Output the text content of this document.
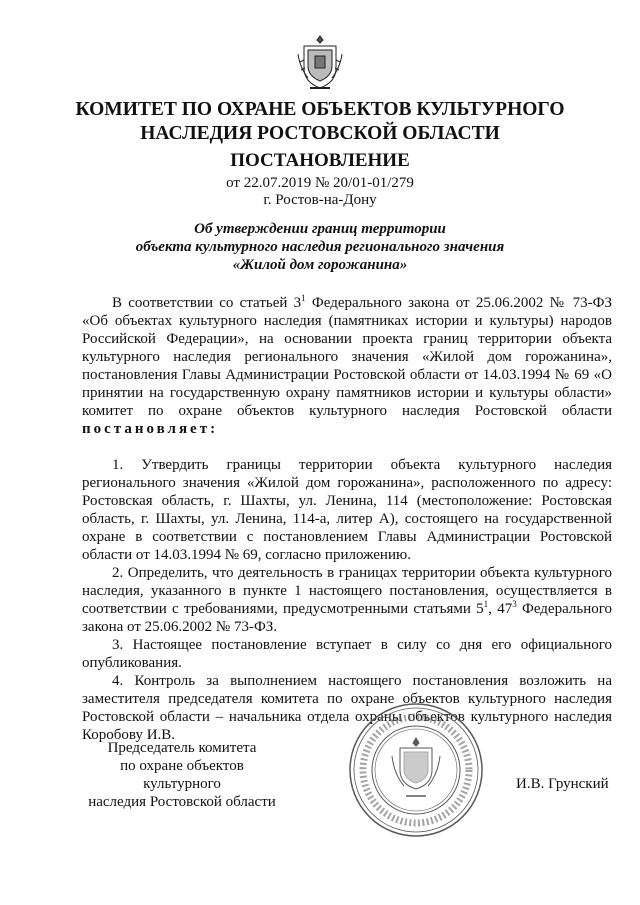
КОМИТЕТ ПО ОХРАНЕ ОБЪЕКТОВ КУЛЬТУРНОГО
НАСЛЕДИЯ РОСТОВСКОЙ ОБЛАСТИ
ПОСТАНОВЛЕНИЕ
от 22.07.2019 № 20/01-01/279
г. Ростов-на-Дону
Об утверждении границ территории
объекта культурного наследия регионального значения
«Жилой дом горожанина»

В соответствии со статьей $3^1$ Федерального закона от 25.06.2002 № 73-ФЗ «Об объектах культурного наследия (памятниках истории и культуры) народов Российской Федерации», на основании проекта границ территории объекта культурного наследия регионального значения «Жилой дом горожанина», постановления Главы Администрации Ростовской области от 14.03.1994 № 69 «О принятии на государственную охрану памятников истории и культуры области» комитет по охране объектов культурного наследия Ростовской области постановляет:

1. Утвердить границы территории объекта культурного наследия регионального значения «Жилой дом горожанина», расположенного по адресу: Ростовская область, г. Шахты, ул. Ленина, 114 (местоположение: Ростовская область, г. Шахты, ул. Ленина, 114-а, литер А), состоящего на государственной охране в соответствии с постановлением Главы Администрации Ростовской области от 14.03.1994 № 69, согласно приложению.

2. Определить, что деятельность в границах территории объекта культурного наследия, указанного в пункте 1 настоящего постановления, осуществляется в соответствии с требованиями, предусмотренными статьями $5^1$, $47^3$ Федерального закона от 25.06.2002 № 73-ФЗ.

3. Настоящее постановление вступает в силу со дня его официального опубликования.

4. Контроль за выполнением настоящего постановления возложить на заместителя председателя комитета по охране объектов культурного наследия Ростовской области – начальника отдела охраны объектов культурного наследия Коробову И.В.

Председатель комитета
по охране объектов культурного
наследия Ростовской области
И.В. Грунский
